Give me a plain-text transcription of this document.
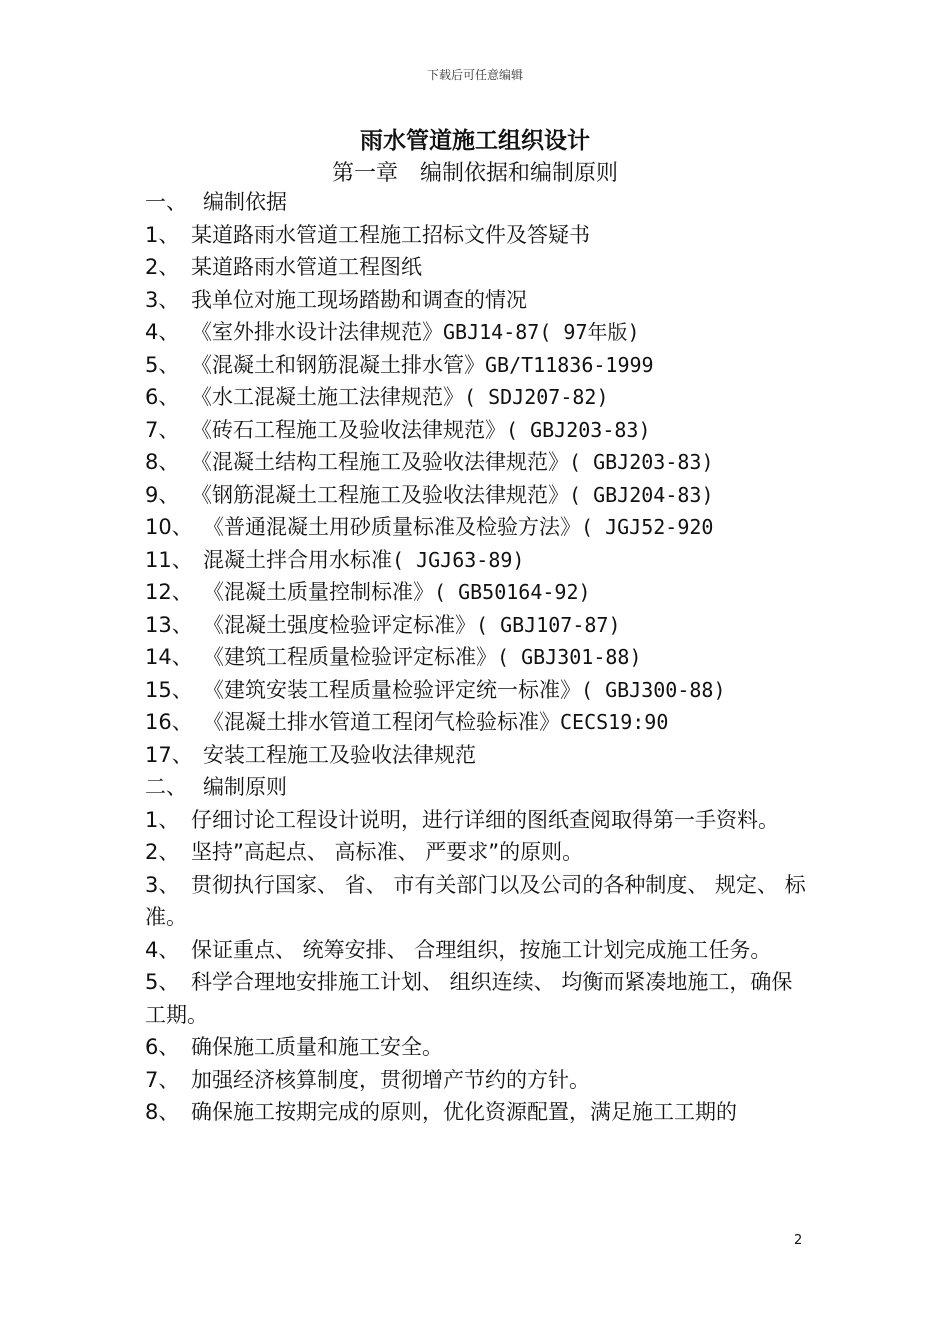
下载后可任意编辑
雨水管道施工组织设计
第一章　编制依据和编制原则
一、 编制依据
1、 某道路雨水管道工程施工招标文件及答疑书
2、 某道路雨水管道工程图纸
3、 我单位对施工现场踏勘和调查的情况
4、 《室外排水设计法律规范》GBJ14-87( 97年版)
5、 《混凝土和钢筋混凝土排水管》GB/T11836-1999
6、 《水工混凝土施工法律规范》( SDJ207-82)
7、 《砖石工程施工及验收法律规范》( GBJ203-83)
8、 《混凝土结构工程施工及验收法律规范》( GBJ203-83)
9、 《钢筋混凝土工程施工及验收法律规范》( GBJ204-83)
10、 《普通混凝土用砂质量标准及检验方法》( JGJ52-920
11、 混凝土拌合用水标准( JGJ63-89)
12、 《混凝土质量控制标准》( GB50164-92)
13、 《混凝土强度检验评定标准》( GBJ107-87)
14、 《建筑工程质量检验评定标准》( GBJ301-88)
15、 《建筑安装工程质量检验评定统一标准》( GBJ300-88)
16、 《混凝土排水管道工程闭气检验标准》CECS19:90
17、 安装工程施工及验收法律规范
二、 编制原则
1、 仔细讨论工程设计说明，进行详细的图纸查阅取得第一手资料。
2、 坚持”高起点、 高标准、 严要求”的原则。
3、 贯彻执行国家、 省、 市有关部门以及公司的各种制度、 规定、 标准。
4、 保证重点、 统筹安排、 合理组织，按施工计划完成施工任务。
5、 科学合理地安排施工计划、 组织连续、 均衡而紧凑地施工，确保工期。
6、 确保施工质量和施工安全。
7、 加强经济核算制度，贯彻增产节约的方针。
8、 确保施工按期完成的原则，优化资源配置，满足施工工期的
2
